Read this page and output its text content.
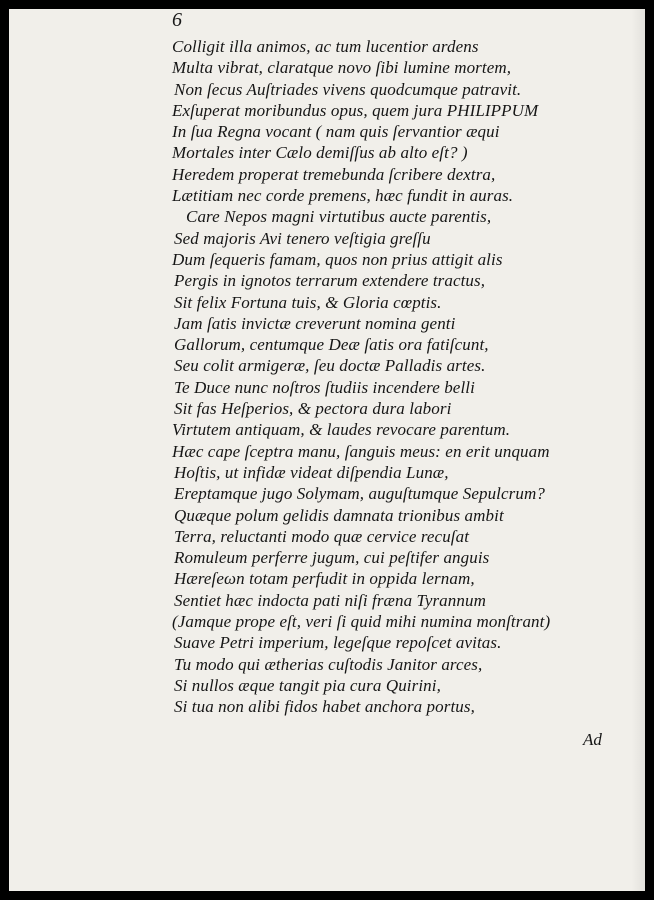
6
Colligit illa animos, ac tum lucentior ardens
Multa vibrat, claratque novo ſibi lumine mortem,
Non ſecus Auſtriades vivens quodcumque patravit.
Exſuperat moribundus opus, quem jura PHILIPPUM
In ſua Regna vocant ( nam quis ſervantior æqui
Mortales inter Cælo demiſſus ab alto eſt? )
Heredem properat tremebunda ſcribere dextra,
Lætitiam nec corde premens, hæc fundit in auras.
Care Nepos magni virtutibus aucte parentis,
Sed majoris Avi tenero veſtigia greſſu
Dum ſequeris famam, quos non prius attigit alis
Pergis in ignotos terrarum extendere tractus,
Sit felix Fortuna tuis, & Gloria cœptis.
Jam ſatis invictæ creverunt nomina genti
Gallorum, centumque Deæ ſatis ora fatiſcunt,
Seu colit armigeræ, ſeu doctæ Palladis artes.
Te Duce nunc noſtros ſtudiis incendere belli
Sit fas Heſperios, & pectora dura labori
Virtutem antiquam, & laudes revocare parentum.
Hæc cape ſceptra manu, ſanguis meus: en erit unquam
Hoſtis, ut infidæ videat diſpendia Lunæ,
Ereptamque jugo Solymam, auguſtumque Sepulcrum?
Quæque polum gelidis damnata trionibus ambit
Terra, reluctanti modo quæ cervice recuſat
Romuleum perferre jugum, cui peſtifer anguis
Hæreſeωn totam perfudit in oppida lernam,
Sentiet hæc indocta pati niſi fræna Tyrannum
(Jamque prope eſt, veri ſi quid mihi numina monſtrant)
Suave Petri imperium, legeſque repoſcet avitas.
Tu modo qui ætherias cuſtodis Janitor arces,
Si nullos æque tangit pia cura Quirini,
Si tua non alibi fidos habet anchora portus,
Ad
